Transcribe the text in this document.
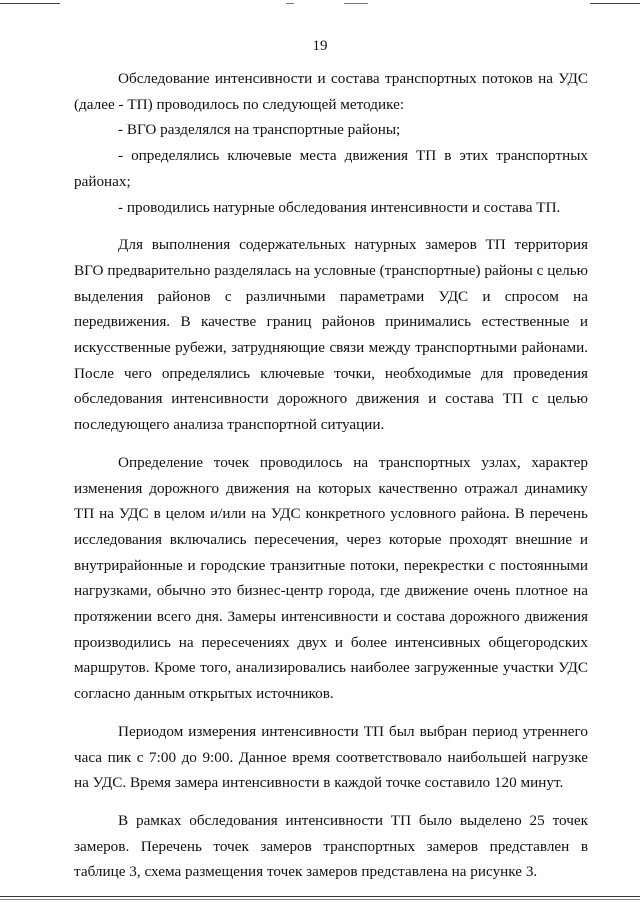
19

Обследование интенсивности и состава транспортных потоков на УДС (далее - ТП) проводилось по следующей методике:

- ВГО разделялся на транспортные районы;

- определялись ключевые места движения ТП в этих транспортных районах;

- проводились натурные обследования интенсивности и состава ТП.

Для выполнения содержательных натурных замеров ТП территория ВГО предварительно разделялась на условные (транспортные) районы с целью выделения районов с различными параметрами УДС и спросом на передвижения. В качестве границ районов принимались естественные и искусственные рубежи, затрудняющие связи между транспортными районами. После чего определялись ключевые точки, необходимые для проведения обследования интенсивности дорожного движения и состава ТП с целью последующего анализа транспортной ситуации.

Определение точек проводилось на транспортных узлах, характер изменения дорожного движения на которых качественно отражал динамику ТП на УДС в целом и/или на УДС конкретного условного района. В перечень исследования включались пересечения, через которые проходят внешние и внутрирайонные и городские транзитные потоки, перекрестки с постоянными нагрузками, обычно это бизнес-центр города, где движение очень плотное на протяжении всего дня. Замеры интенсивности и состава дорожного движения производились на пересечениях двух и более интенсивных общегородских маршрутов. Кроме того, анализировались наиболее загруженные участки УДС согласно данным открытых источников.

Периодом измерения интенсивности ТП был выбран период утреннего часа пик с 7:00 до 9:00. Данное время соответствовало наибольшей нагрузке на УДС. Время замера интенсивности в каждой точке составило 120 минут.

В рамках обследования интенсивности ТП было выделено 25 точек замеров. Перечень точек замеров транспортных замеров представлен в таблице 3, схема размещения точек замеров представлена на рисунке 3.
